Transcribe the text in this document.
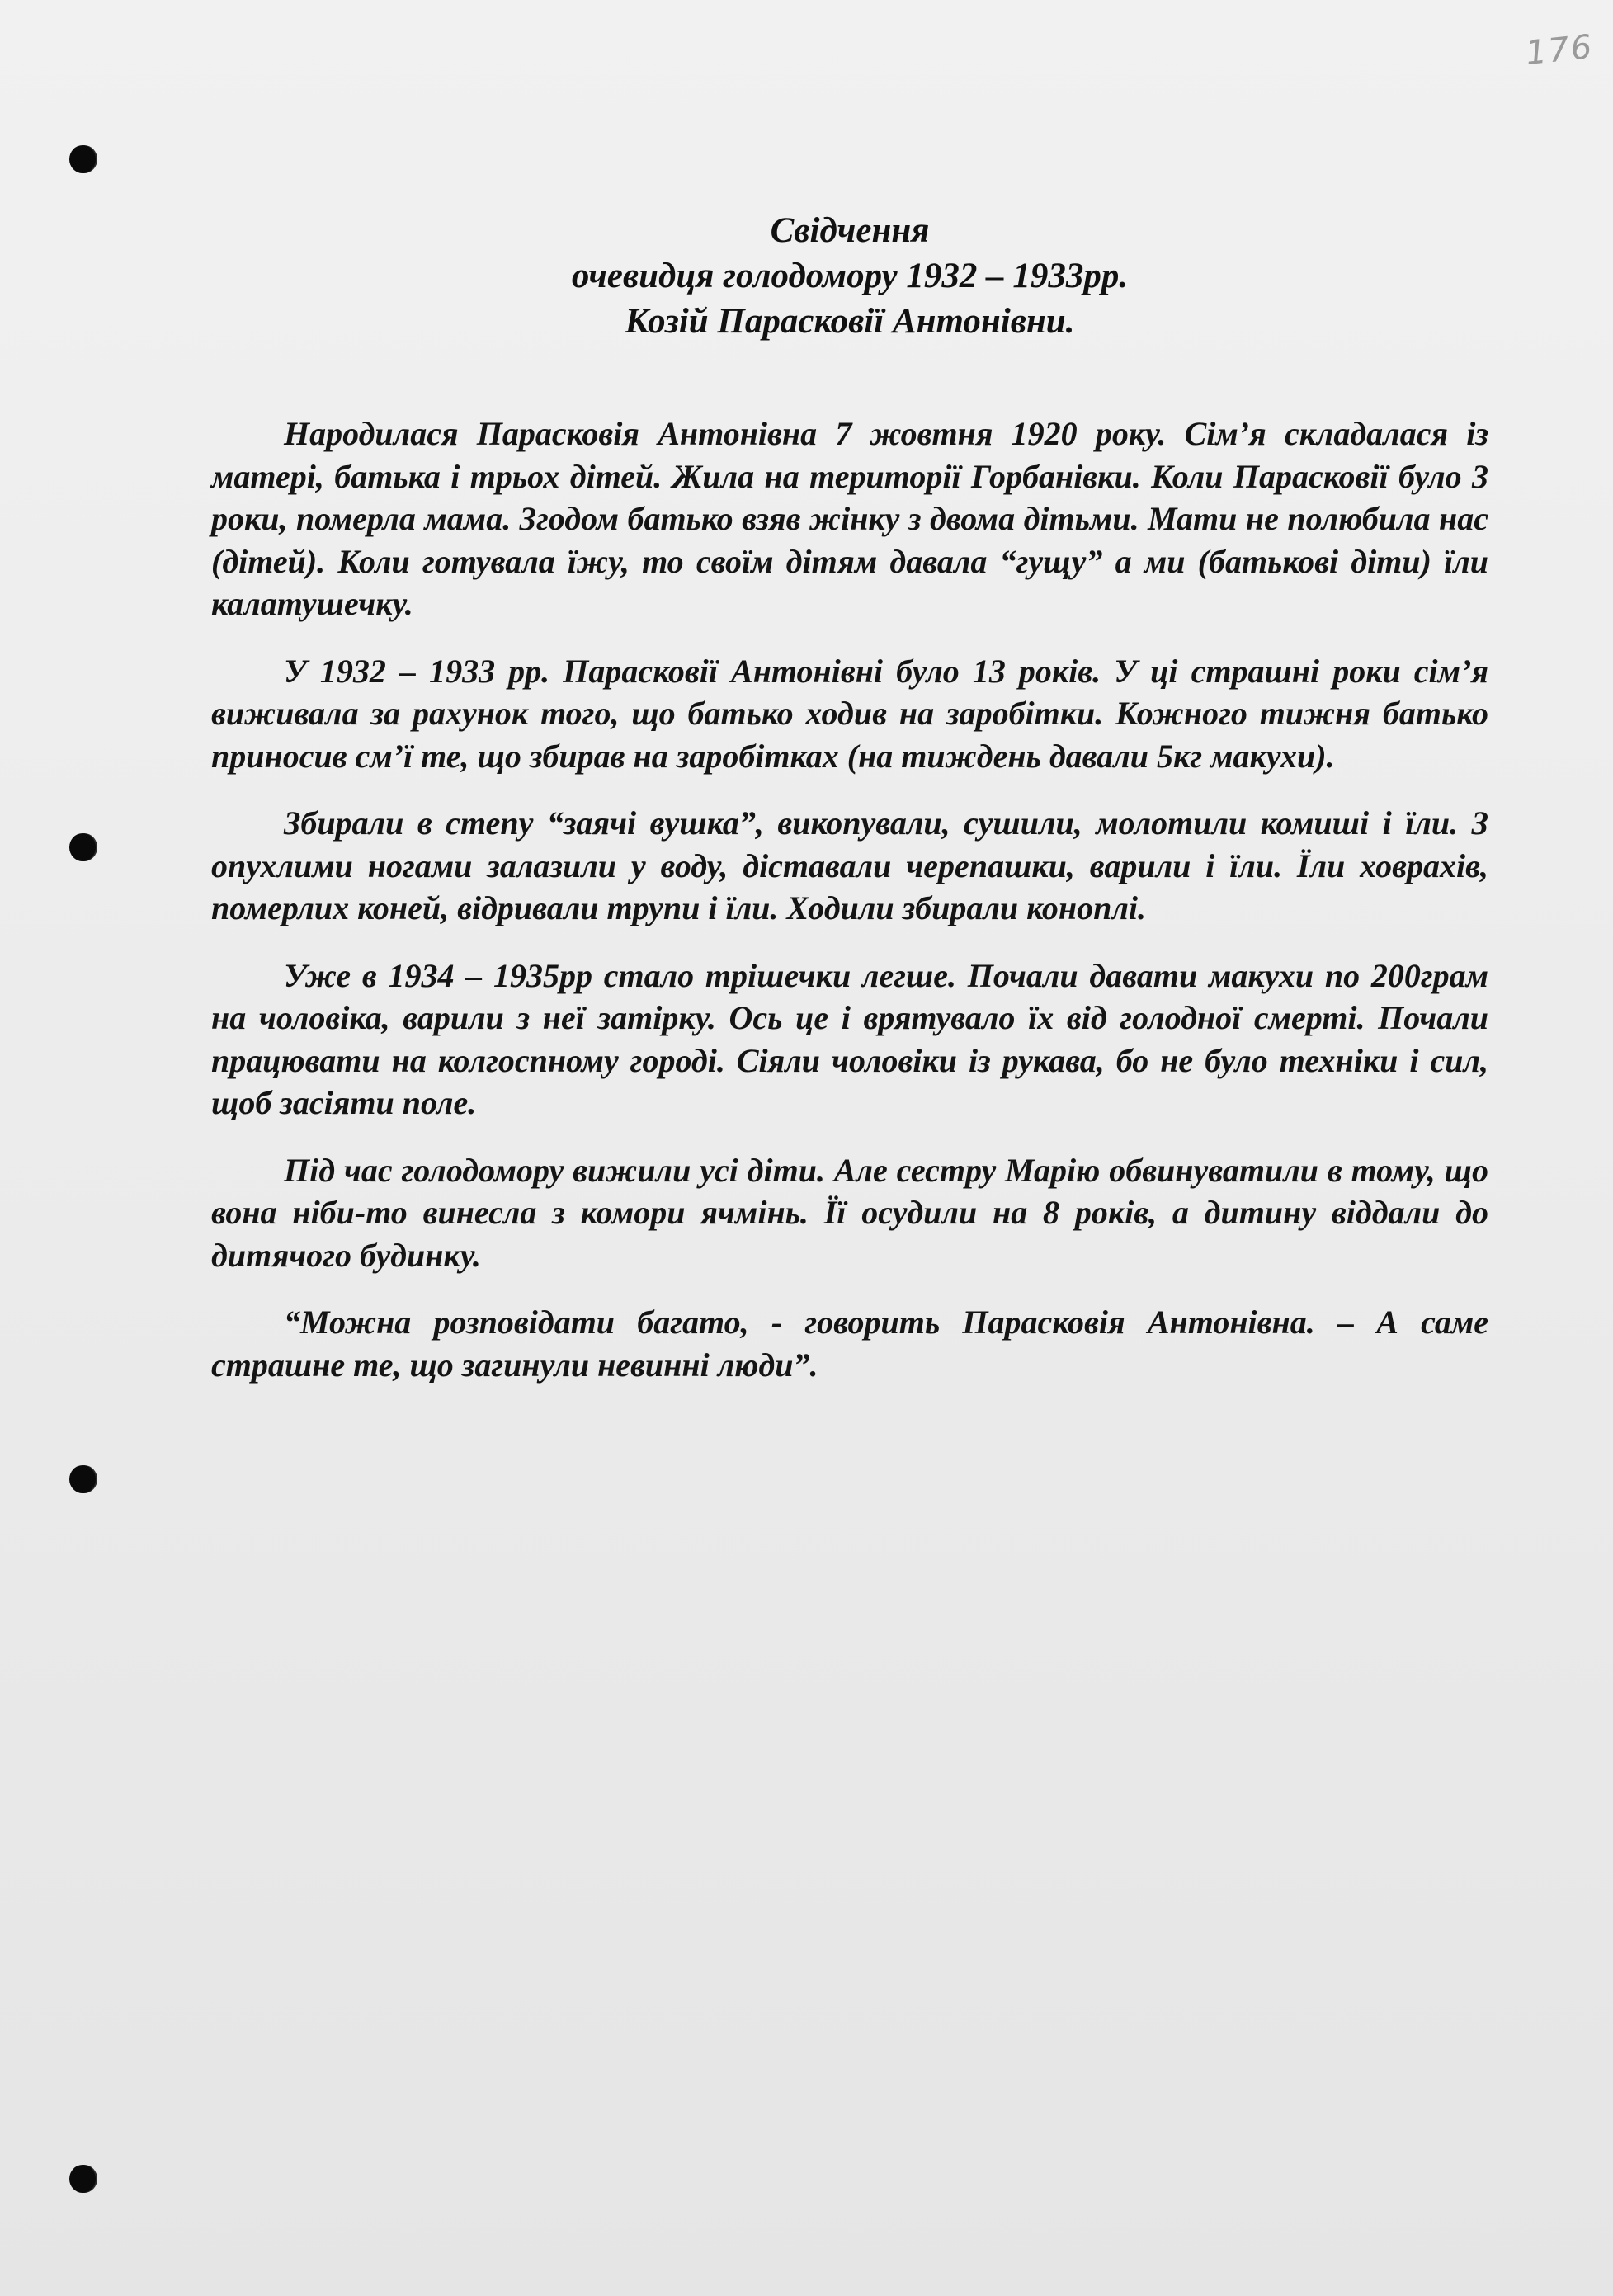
176
Свідчення
очевидця голодомору 1932 – 1933рр.
Козій Парасковії Антонівни.

Народилася Парасковія Антонівна 7 жовтня 1920 року. Сім’я складалася із матері, батька і трьох дітей. Жила на території Горбанівки. Коли Парасковії було 3 роки, померла мама. Згодом батько взяв жінку з двома дітьми. Мати не полюбила нас (дітей). Коли готувала їжу, то своїм дітям давала “гущу” а ми (батькові діти) їли калатушечку.

У 1932 – 1933 рр. Парасковії Антонівні було 13 років. У ці страшні роки сім’я виживала за рахунок того, що батько ходив на заробітки. Кожного тижня батько приносив см’ї те, що збирав на заробітках (на тиждень давали 5кг макухи).

Збирали в степу “заячі вушка”, викопували, сушили, молотили комиші і їли. З опухлими ногами залазили у воду, діставали черепашки, варили і їли. Їли ховрахів, померлих коней, відривали трупи і їли. Ходили збирали коноплі.

Уже в 1934 – 1935рр стало трішечки легше. Почали давати макухи по 200грам на чоловіка, варили з неї затірку. Ось це і врятувало їх від голодної смерті. Почали працювати на колгоспному городі. Сіяли чоловіки із рукава, бо не було техніки і сил, щоб засіяти поле.

Під час голодомору вижили усі діти. Але сестру Марію обвинуватили в тому, що вона ніби-то винесла з комори ячмінь. Її осудили на 8 років, а дитину віддали до дитячого будинку.

“Можна розповідати багато, - говорить Парасковія Антонівна. – А саме страшне те, що загинули невинні люди”.
